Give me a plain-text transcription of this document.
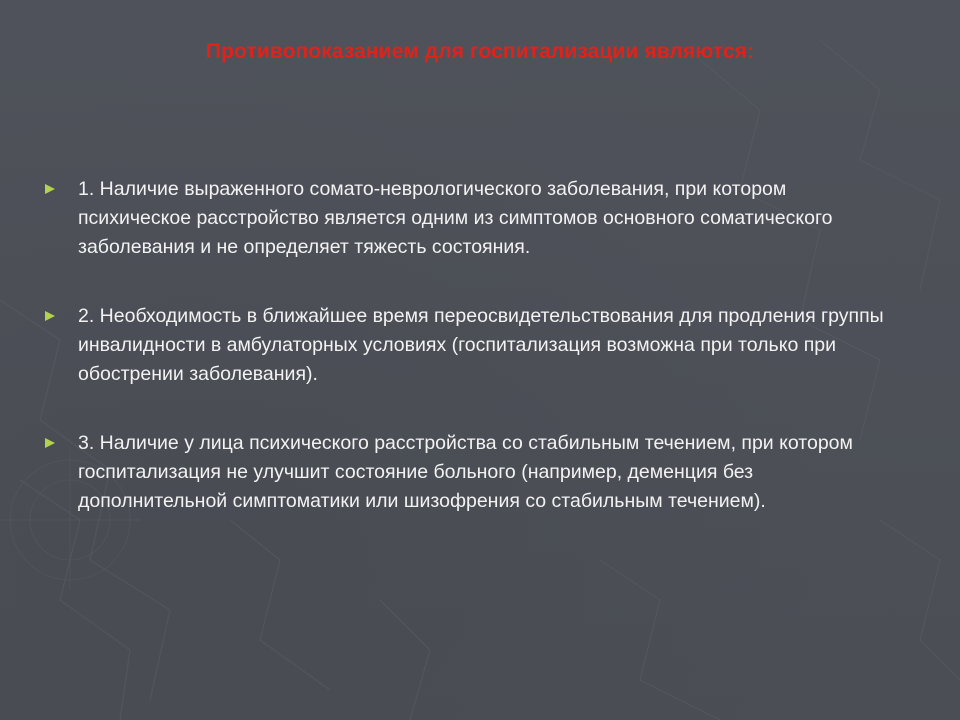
Противопоказанием для госпитализации являются:
1. Наличие выраженного сомато-неврологического заболевания, при котором психическое расстройство является одним из симптомов основного соматического заболевания и не определяет тяжесть состояния.
2. Необходимость в ближайшее время переосвидетельствования для продления группы инвалидности в амбулаторных условиях (госпитализация возможна при только при обострении заболевания).
3. Наличие у лица психического расстройства со стабильным течением, при котором госпитализация не улучшит состояние больного (например, деменция без дополнительной симптоматики или шизофрения со стабильным течением).
